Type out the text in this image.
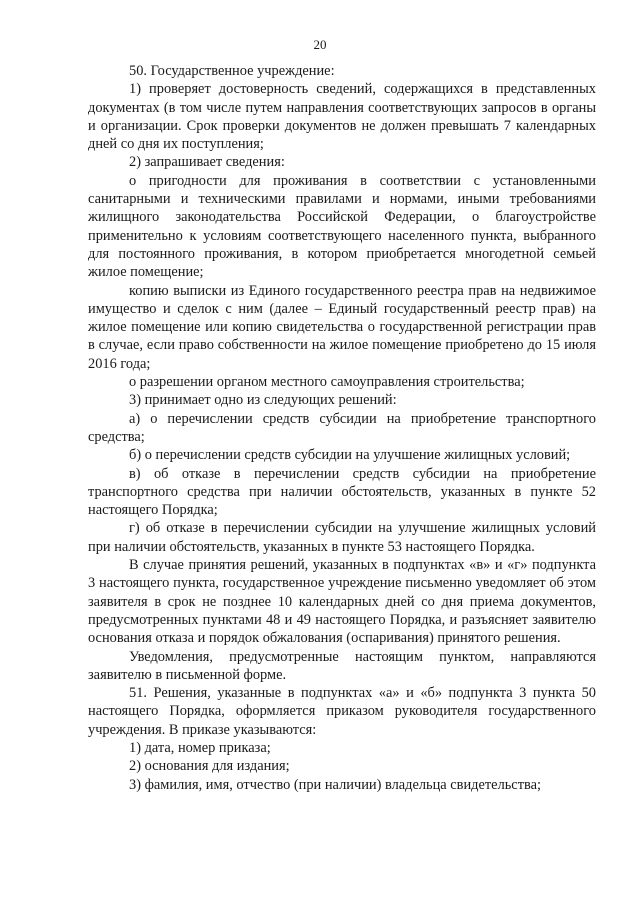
20

50. Государственное учреждение:

1) проверяет достоверность сведений, содержащихся в представленных документах (в том числе путем направления соответствующих запросов в органы и организации. Срок проверки документов не должен превышать 7 календарных дней со дня их поступления;

2) запрашивает сведения:

о пригодности для проживания в соответствии с установленными санитарными и техническими правилами и нормами, иными требованиями жилищного законодательства Российской Федерации, о благоустройстве применительно к условиям соответствующего населенного пункта, выбранного для постоянного проживания, в котором приобретается многодетной семьей жилое помещение;

копию выписки из Единого государственного реестра прав на недвижимое имущество и сделок с ним (далее – Единый государственный реестр прав) на жилое помещение или копию свидетельства о государственной регистрации прав в случае, если право собственности на жилое помещение приобретено до 15 июля 2016 года;

о разрешении органом местного самоуправления строительства;

3) принимает одно из следующих решений:

а) о перечислении средств субсидии на приобретение транспортного средства;

б) о перечислении средств субсидии на улучшение жилищных условий;

в) об отказе в перечислении средств субсидии на приобретение транспортного средства при наличии обстоятельств, указанных в пункте 52 настоящего Порядка;

г) об отказе в перечислении субсидии на улучшение жилищных условий при наличии обстоятельств, указанных в пункте 53 настоящего Порядка.

В случае принятия решений, указанных в подпунктах «в» и «г» подпункта 3 настоящего пункта, государственное учреждение письменно уведомляет об этом заявителя в срок не позднее 10 календарных дней со дня приема документов, предусмотренных пунктами 48 и 49 настоящего Порядка, и разъясняет заявителю основания отказа и порядок обжалования (оспаривания) принятого решения.

Уведомления, предусмотренные настоящим пунктом, направляются заявителю в письменной форме.

51. Решения, указанные в подпунктах «а» и «б» подпункта 3 пункта 50 настоящего Порядка, оформляется приказом руководителя государственного учреждения. В приказе указываются:

1) дата, номер приказа;

2) основания для издания;

3) фамилия, имя, отчество (при наличии) владельца свидетельства;
